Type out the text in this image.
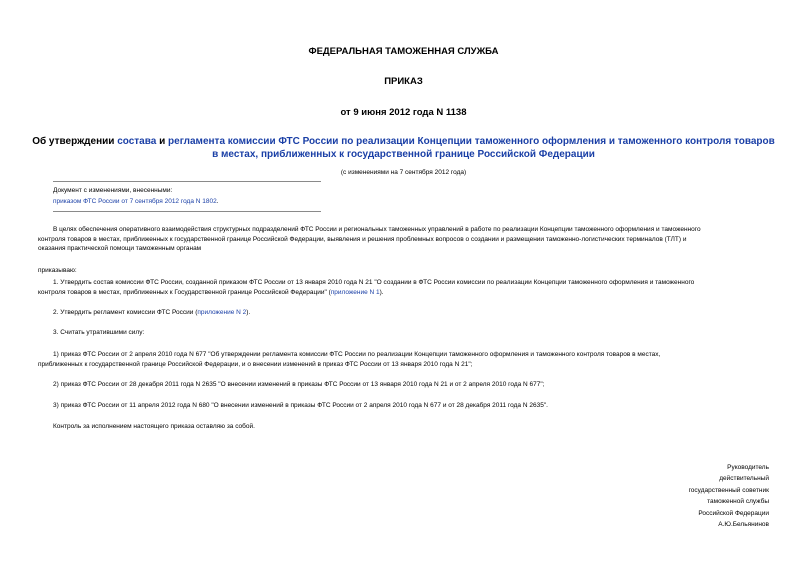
ФЕДЕРАЛЬНАЯ ТАМОЖЕННАЯ СЛУЖБА

ПРИКАЗ

от 9 июня 2012 года N 1138

Об утверждении состава и регламента комиссии ФТС России по реализации Концепции таможенного оформления и таможенного контроля товаров в местах, приближенных к государственной границе Российской Федерации

(с изменениями на 7 сентября 2012 года)

Документ с изменениями, внесенными:

приказом ФТС России от 7 сентября 2012 года N 1802.

В целях обеспечения оперативного взаимодействия структурных подразделений ФТС России и региональных таможенных управлений в работе по реализации Концепции таможенного оформления и таможенного
контроля товаров в местах, приближенных к государственной границе Российской Федерации, выявления и решения проблемных вопросов о создании и размещении таможенно-логистических терминалов (ТЛТ) и
оказания практической помощи таможенным органам
приказываю:
1. Утвердить состав комиссии ФТС России, созданной приказом ФТС России от 13 января 2010 года N 21 "О создании в ФТС России комиссии по реализации Концепции таможенного оформления и таможенного
контроля товаров в местах, приближенных к Государственной границе Российской Федерации" (приложение N 1).
2. Утвердить регламент комиссии ФТС России (приложение N 2).
3. Считать утратившими силу:
1) приказ ФТС России от 2 апреля 2010 года N 677 "Об утверждении регламента комиссии ФТС России по реализации Концепции таможенного оформления и таможенного контроля товаров в местах,
приближенных к государственной границе Российской Федерации, и о внесении изменений в приказ ФТС России от 13 января 2010 года N 21";
2) приказ ФТС России от 28 декабря 2011 года N 2635 "О внесении изменений в приказы ФТС России от 13 января 2010 года N 21 и от 2 апреля 2010 года N 677";
3) приказ ФТС России от 11 апреля 2012 года N 680 "О внесении изменений в приказы ФТС России от 2 апреля 2010 года N 677 и от 28 декабря 2011 года N 2635".
Контроль за исполнением настоящего приказа оставляю за собой.
Руководитель
действительный
государственный советник
таможенной службы
Российской Федерации
А.Ю.Бельянинов
